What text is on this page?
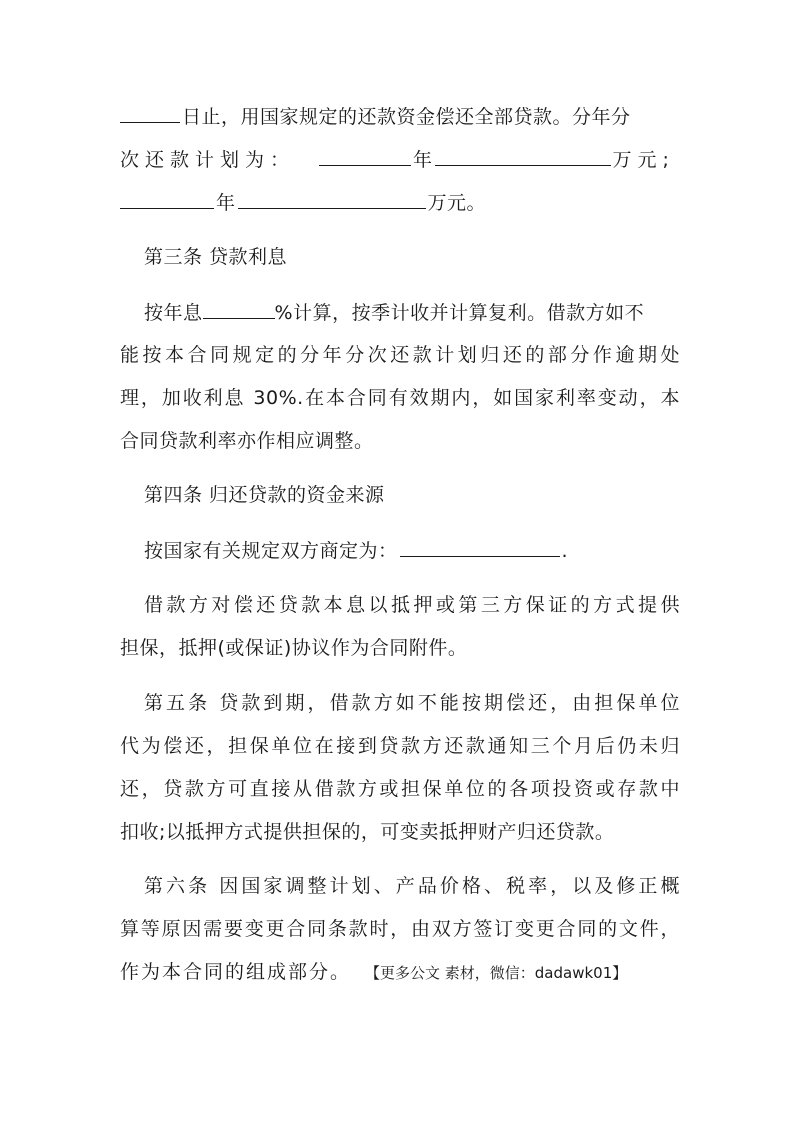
日止，用国家规定的还款资金偿还全部贷款。分年分
次还款计划为：	年	万元;
年	万元。
第三条 贷款利息
按年息	%计算，按季计收并计算复利。借款方如不
能按本合同规定的分年分次还款计划归还的部分作逾期处
理，加收利息 30%.在本合同有效期内，如国家利率变动，本
合同贷款利率亦作相应调整。
第四条 归还贷款的资金来源
按国家有关规定双方商定为：	.
借款方对偿还贷款本息以抵押或第三方保证的方式提供
担保，抵押(或保证)协议作为合同附件。
第五条 贷款到期，借款方如不能按期偿还，由担保单位
代为偿还，担保单位在接到贷款方还款通知三个月后仍未归
还，贷款方可直接从借款方或担保单位的各项投资或存款中
扣收;以抵押方式提供担保的，可变卖抵押财产归还贷款。
第六条 因国家调整计划、产品价格、税率，以及修正概
算等原因需要变更合同条款时，由双方签订变更合同的文件，
作为本合同的组成部分。 【更多公文 素材，微信：dadawk01】
